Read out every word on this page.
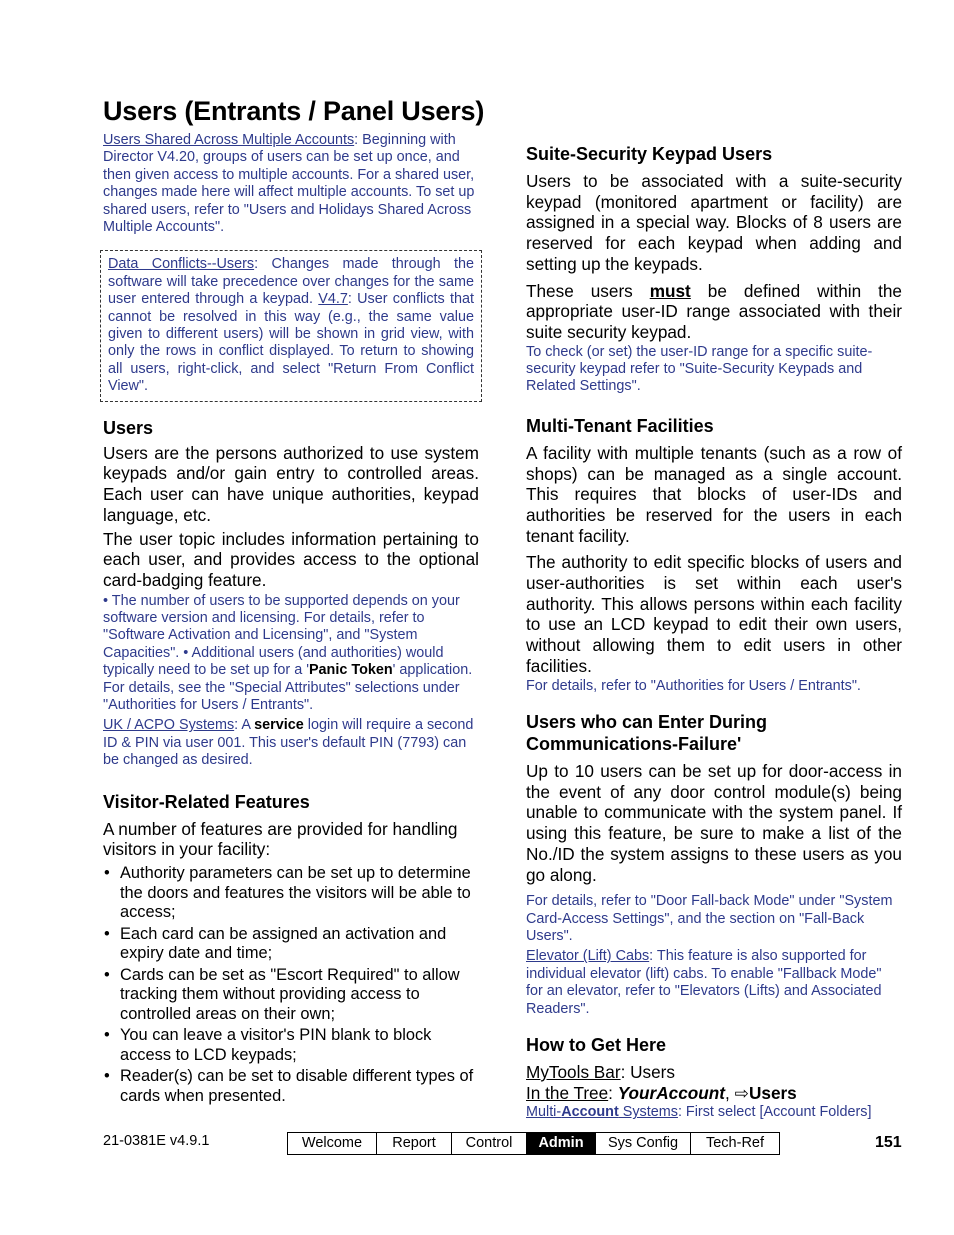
Users (Entrants / Panel Users)

Users Shared Across Multiple Accounts: Beginning with Director V4.20, groups of users can be set up once, and then given access to multiple accounts. For a shared user, changes made here will affect multiple accounts. To set up shared users, refer to "Users and Holidays Shared Across Multiple Accounts".

Data Conflicts--Users: Changes made through the software will take precedence over changes for the same user entered through a keypad. V4.7: User conflicts that cannot be resolved in this way (e.g., the same value given to different users) will be shown in grid view, with only the rows in conflict displayed. To return to showing all users, right-click, and select "Return From Conflict View".

Users

Users are the persons authorized to use system keypads and/or gain entry to controlled areas. Each user can have unique authorities, keypad language, etc.

The user topic includes information pertaining to each user, and provides access to the optional card-badging feature.

• The number of users to be supported depends on your software version and licensing. For details, refer to "Software Activation and Licensing", and "System Capacities". • Additional users (and authorities) would typically need to be set up for a 'Panic Token' application. For details, see the "Special Attributes" selections under "Authorities for Users / Entrants".

UK / ACPO Systems: A service login will require a second ID & PIN via user 001. This user's default PIN (7793) can be changed as desired.

Visitor-Related Features

A number of features are provided for handling visitors in your facility:

• Authority parameters can be set up to determine the doors and features the visitors will be able to access;
• Each card can be assigned an activation and expiry date and time;
• Cards can be set as "Escort Required" to allow tracking them without providing access to controlled areas on their own;
• You can leave a visitor's PIN blank to block access to LCD keypads;
• Reader(s) can be set to disable different types of cards when presented.
Suite-Security Keypad Users

Users to be associated with a suite-security keypad (monitored apartment or facility) are assigned in a special way. Blocks of 8 users are reserved for each keypad when adding and setting up the keypads.

These users must be defined within the appropriate user-ID range associated with their suite security keypad.

To check (or set) the user-ID range for a specific suite-security keypad refer to "Suite-Security Keypads and Related Settings".

Multi-Tenant Facilities

A facility with multiple tenants (such as a row of shops) can be managed as a single account. This requires that blocks of user-IDs and authorities be reserved for the users in each tenant facility.

The authority to edit specific blocks of users and user-authorities is set within each user's authority. This allows persons within each facility to use an LCD keypad to edit their own users, without allowing them to edit users in other facilities.

For details, refer to "Authorities for Users / Entrants".

Users who can Enter During
Communications-Failure'

Up to 10 users can be set up for door-access in the event of any door control module(s) being unable to communicate with the system panel. If using this feature, be sure to make a list of the No./ID the system assigns to these users as you go along.

For details, refer to "Door Fall-back Mode" under "System Card-Access Settings", and the section on "Fall-Back Users".

Elevator (Lift) Cabs: This feature is also supported for individual elevator (lift) cabs. To enable "Fallback Mode" for an elevator, refer to "Elevators (Lifts) and Associated Readers".

How to Get Here

MyTools Bar: Users

In the Tree: YourAccount, ⇨Users

Multi-Account Systems: First select [Account Folders]

21-0381E v4.9.1	Welcome	Report	Control	Admin	Sys Config	Tech-Ref	151
